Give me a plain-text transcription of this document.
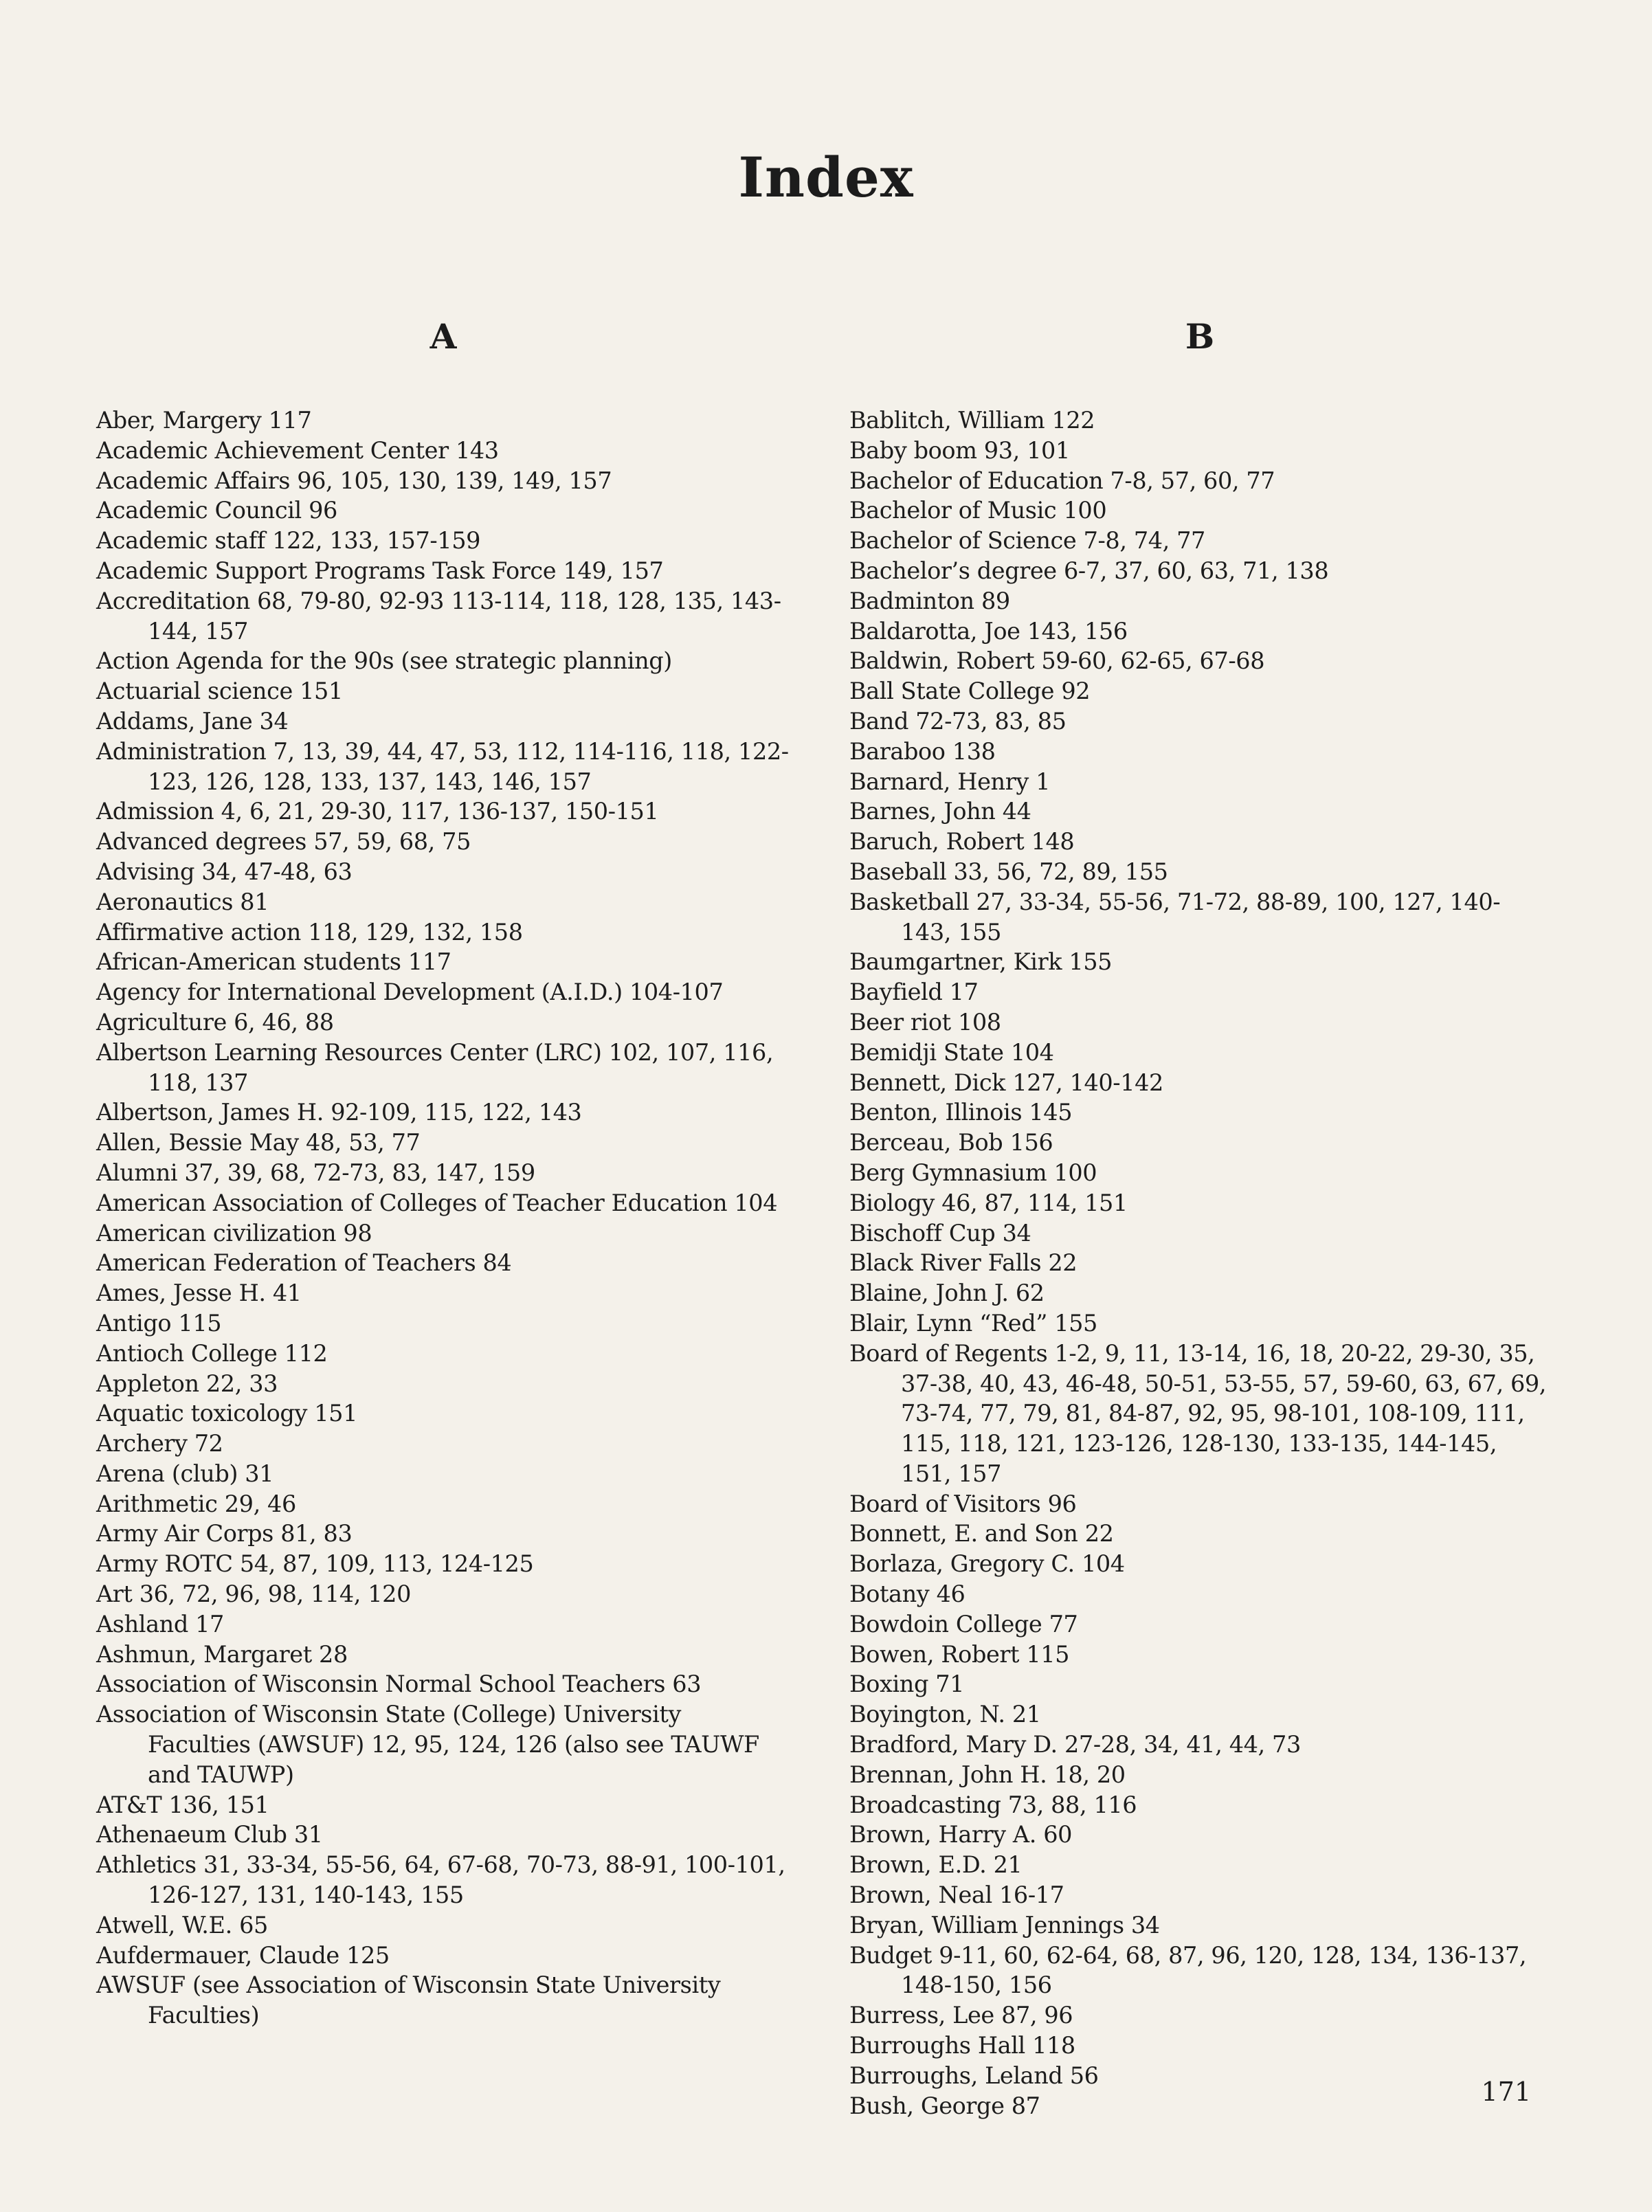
Index
A
Aber, Margery 117
Academic Achievement Center 143
Academic Affairs 96, 105, 130, 139, 149, 157
Academic Council 96
Academic staff 122, 133, 157-159
Academic Support Programs Task Force 149, 157
Accreditation 68, 79-80, 92-93 113-114, 118, 128, 135, 143-144, 157
Action Agenda for the 90s (see strategic planning)
Actuarial science 151
Addams, Jane 34
Administration 7, 13, 39, 44, 47, 53, 112, 114-116, 118, 122-123, 126, 128, 133, 137, 143, 146, 157
Admission 4, 6, 21, 29-30, 117, 136-137, 150-151
Advanced degrees 57, 59, 68, 75
Advising 34, 47-48, 63
Aeronautics 81
Affirmative action 118, 129, 132, 158
African-American students 117
Agency for International Development (A.I.D.) 104-107
Agriculture 6, 46, 88
Albertson Learning Resources Center (LRC) 102, 107, 116, 118, 137
Albertson, James H. 92-109, 115, 122, 143
Allen, Bessie May 48, 53, 77
Alumni 37, 39, 68, 72-73, 83, 147, 159
American Association of Colleges of Teacher Education 104
American civilization 98
American Federation of Teachers 84
Ames, Jesse H. 41
Antigo 115
Antioch College 112
Appleton 22, 33
Aquatic toxicology 151
Archery 72
Arena (club) 31
Arithmetic 29, 46
Army Air Corps 81, 83
Army ROTC 54, 87, 109, 113, 124-125
Art 36, 72, 96, 98, 114, 120
Ashland 17
Ashmun, Margaret 28
Association of Wisconsin Normal School Teachers 63
Association of Wisconsin State (College) University Faculties (AWSUF) 12, 95, 124, 126 (also see TAUWF and TAUWP)
AT&T 136, 151
Athenaeum Club 31
Athletics 31, 33-34, 55-56, 64, 67-68, 70-73, 88-91, 100-101, 126-127, 131, 140-143, 155
Atwell, W.E. 65
Aufdermauer, Claude 125
AWSUF (see Association of Wisconsin State University Faculties)
B
Bablitch, William 122
Baby boom 93, 101
Bachelor of Education 7-8, 57, 60, 77
Bachelor of Music 100
Bachelor of Science 7-8, 74, 77
Bachelor’s degree 6-7, 37, 60, 63, 71, 138
Badminton 89
Baldarotta, Joe 143, 156
Baldwin, Robert 59-60, 62-65, 67-68
Ball State College 92
Band 72-73, 83, 85
Baraboo 138
Barnard, Henry 1
Barnes, John 44
Baruch, Robert 148
Baseball 33, 56, 72, 89, 155
Basketball 27, 33-34, 55-56, 71-72, 88-89, 100, 127, 140-143, 155
Baumgartner, Kirk 155
Bayfield 17
Beer riot 108
Bemidji State 104
Bennett, Dick 127, 140-142
Benton, Illinois 145
Berceau, Bob 156
Berg Gymnasium 100
Biology 46, 87, 114, 151
Bischoff Cup 34
Black River Falls 22
Blaine, John J. 62
Blair, Lynn “Red” 155
Board of Regents 1-2, 9, 11, 13-14, 16, 18, 20-22, 29-30, 35, 37-38, 40, 43, 46-48, 50-51, 53-55, 57, 59-60, 63, 67, 69, 73-74, 77, 79, 81, 84-87, 92, 95, 98-101, 108-109, 111, 115, 118, 121, 123-126, 128-130, 133-135, 144-145, 151, 157
Board of Visitors 96
Bonnett, E. and Son 22
Borlaza, Gregory C. 104
Botany 46
Bowdoin College 77
Bowen, Robert 115
Boxing 71
Boyington, N. 21
Bradford, Mary D. 27-28, 34, 41, 44, 73
Brennan, John H. 18, 20
Broadcasting 73, 88, 116
Brown, Harry A. 60
Brown, E.D. 21
Brown, Neal 16-17
Bryan, William Jennings 34
Budget 9-11, 60, 62-64, 68, 87, 96, 120, 128, 134, 136-137, 148-150, 156
Burress, Lee 87, 96
Burroughs Hall 118
Burroughs, Leland 56
Bush, George 87	171
